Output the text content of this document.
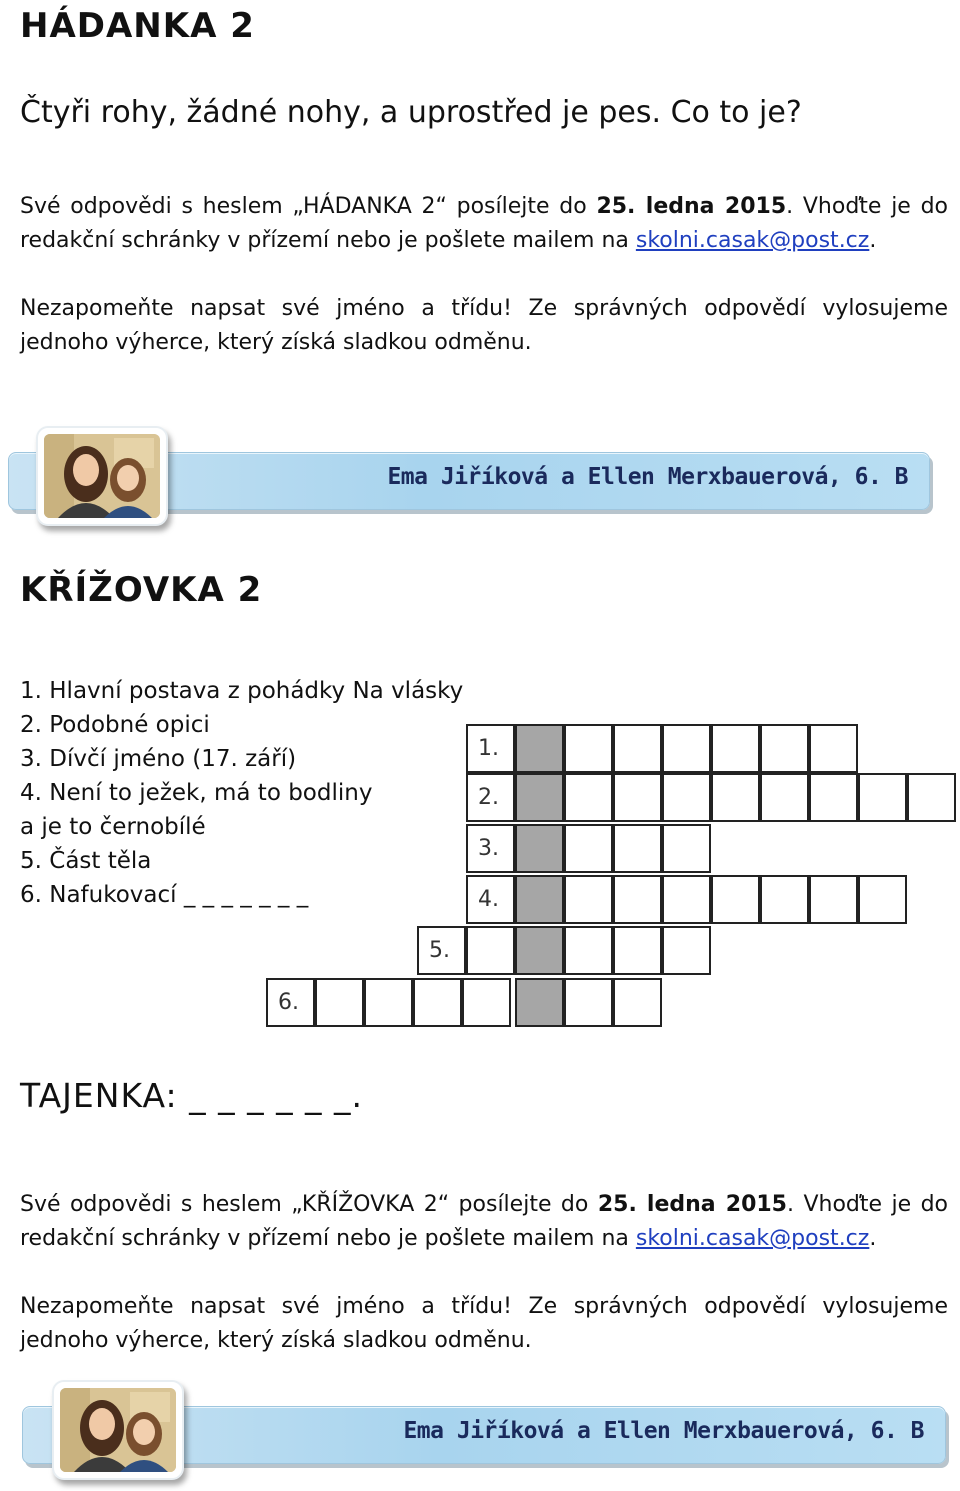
HÁDANKA 2
Čtyři rohy, žádné nohy, a uprostřed je pes. Co to je?
Své odpovědi s heslem „HÁDANKA 2“ posílejte do 25. ledna 2015. Vhoďte je do redakční schránky v přízemí nebo je pošlete mailem na skolni.casak@post.cz.
Nezapomeňte napsat své jméno a třídu! Ze správných odpovědí vylosujeme jednoho výherce, který získá sladkou odměnu.
Ema Jiříková a Ellen Merxbauerová, 6. B
KŘÍŽOVKA 2
1. Hlavní postava z pohádky Na vlásky
2. Podobné opici
3. Dívčí jméno (17. září)
4. Není to ježek, má to bodliny
a je to černobílé
5. Část těla
6. Nafukovací _ _ _ _ _ _ _
1.
2.
3.
4.
5.
6.
TAJENKA: _ _ _ _ _ _.
Své odpovědi s heslem „KŘÍŽOVKA 2“ posílejte do 25. ledna 2015. Vhoďte je do redakční schránky v přízemí nebo je pošlete mailem na skolni.casak@post.cz.
Nezapomeňte napsat své jméno a třídu! Ze správných odpovědí vylosujeme jednoho výherce, který získá sladkou odměnu.
Ema Jiříková a Ellen Merxbauerová, 6. B
